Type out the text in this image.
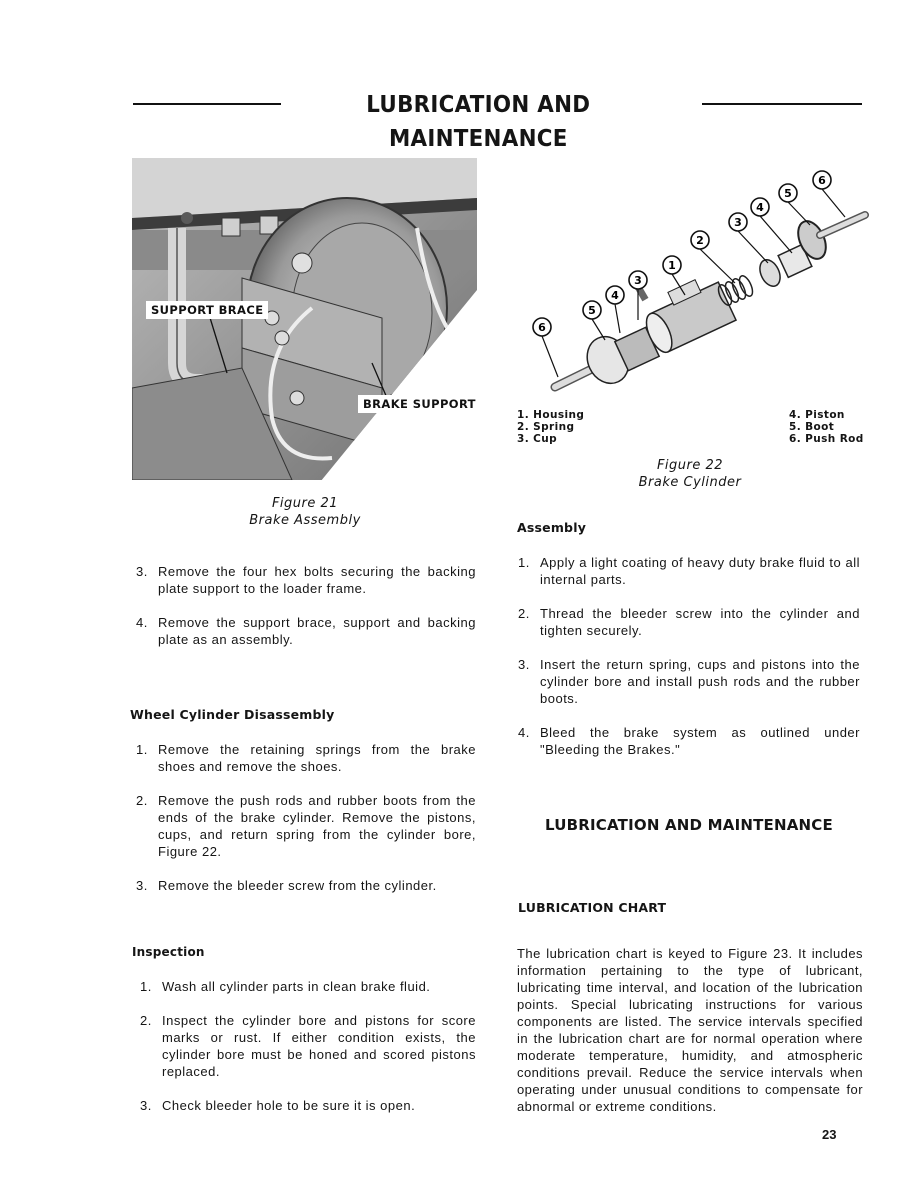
LUBRICATION AND MAINTENANCE
SUPPORT BRACE
BRAKE SUPPORT
Figure 21
Brake Assembly
1
2
3
4
5
6
3
4
5
6
1. Housing
2. Spring
3. Cup
4. Piston
5. Boot
6. Push Rod
Figure 22
Brake Cylinder
3. Remove the four hex bolts securing the backing plate support to the loader frame.
4. Remove the support brace, support and backing plate as an assembly.
Wheel Cylinder Disassembly
1. Remove the retaining springs from the brake shoes and remove the shoes.
2. Remove the push rods and rubber boots from the ends of the brake cylinder. Remove the pistons, cups, and return spring from the cylinder bore, Figure 22.
3. Remove the bleeder screw from the cylinder.
Inspection
1. Wash all cylinder parts in clean brake fluid.
2. Inspect the cylinder bore and pistons for score marks or rust. If either condition exists, the cylinder bore must be honed and scored pistons replaced.
3. Check bleeder hole to be sure it is open.
Assembly
1. Apply a light coating of heavy duty brake fluid to all internal parts.
2. Thread the bleeder screw into the cylinder and tighten securely.
3. Insert the return spring, cups and pistons into the cylinder bore and install push rods and the rubber boots.
4. Bleed the brake system as outlined under "Bleeding the Brakes."
LUBRICATION AND MAINTENANCE
LUBRICATION CHART

The lubrication chart is keyed to Figure 23. It includes information pertaining to the type of lubricant, lubricating time interval, and location of the lubrication points. Special lubricating instructions for various components are listed. The service intervals specified in the lubrication chart are for normal operation where moderate temperature, humidity, and atmospheric conditions prevail. Reduce the service intervals when operating under unusual conditions to compensate for abnormal or extreme conditions.

23
